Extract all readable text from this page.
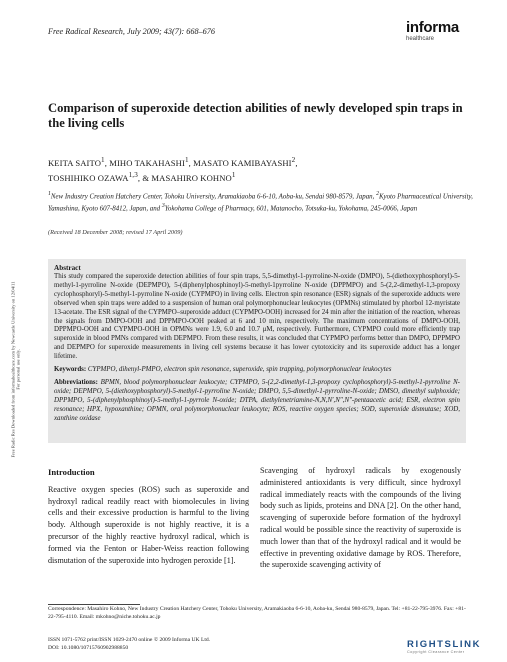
Free Radic Res Downloaded from informahealthcare.com by Newcastle University on 12/04/11 For personal use only.
Free Radical Research, July 2009; 43(7): 668–676	informa
healthcare
Comparison of superoxide detection abilities of newly developed spin traps in the living cells
KEITA SAITO$^1$, MIHO TAKAHASHI$^1$, MASATO KAMIBAYASHI$^2$,
TOSHIHIKO OZAWA$^{1,3}$, & MASAHIRO KOHNO$^1$
$^1$New Industry Creation Hatchery Center, Tohoku University, Aramakiaoba 6-6-10, Aoba-ku, Sendai 980-8579, Japan, $^2$Kyoto Pharmaceutical University, Yamashina, Kyoto 607-8412, Japan, and $^3$Yokohama College of Pharmacy, 601, Matanocho, Totsuka-ku, Yokohama, 245-0066, Japan
(Received 18 December 2008; revised 17 April 2009)
Abstract
This study compared the superoxide detection abilities of four spin traps, 5,5-dimethyl-1-pyrroline-N-oxide (DMPO), 5-(diethoxyphosphoryl)-5-methyl-1-pyrroline N-oxide (DEPMPO), 5-(diphenylphosphinoyl)-5-methyl-1pyrroline N-oxide (DPPMPO) and 5-(2,2-dimethyl-1,3-propoxy cyclophosphoryl)-5-methyl-1-pyrroline N-oxide (CYPMPO) in living cells. Electron spin resonance (ESR) signals of the superoxide adducts were observed when spin traps were added to a suspension of human oral polymorphonuclear leukocytes (OPMNs) stimulated by phorbol 12-myristate 13-acetate. The ESR signal of the CYPMPO–superoxide adduct (CYPMPO-OOH) increased for 24 min after the initiation of the reaction, whereas the signals from DMPO-OOH and DPPMPO-OOH peaked at 6 and 10 min, respectively. The maximum concentrations of DMPO-OOH, DPPMPO-OOH and CYPMPO-OOH in OPMNs were 1.9, 6.0 and 10.7 μM, respectively. Furthermore, CYPMPO could more efficiently trap superoxide in blood PMNs compared with DEPMPO. From these results, it was concluded that CYPMPO performs better than DMPO, DPPMPO and DEPMPO for superoxide measurements in living cell systems because it has lower cytotoxicity and its superoxide adduct has a longer lifetime.
Keywords: CYPMPO, dihenyl-PMPO, electron spin resonance, superoxide, spin trapping, polymorphonuclear leukocytes
Abbreviations: BPMN, blood polymorphonuclear leukocyte; CYPMPO, 5-(2,2-dimethyl-1,3-propoxy cyclophosphoryl)-5-methyl-1-pyrroline N-oxide; DEPMPO, 5-(diethoxyphosphoryl)-5-methyl-1-pyrroline N-oxide; DMPO, 5,5-dimethyl-1-pyrroline-N-oxide; DMSO, dimethyl sulphoxide; DPPMPO, 5-(diphenylphosphinoyl)-5-methyl-1-pyrrole N-oxide; DTPA, diethylenetriamine-N,N,N′,N″,N″-pentaacetic acid; ESR, electron spin resonance; HPX, hypoxanthine; OPMN, oral polymorphonuclear leukocyte; ROS, reactive oxygen species; SOD, superoxide dismutase; XOD, xanthine oxidase
Introduction
Reactive oxygen species (ROS) such as superoxide and hydroxyl radical readily react with biomolecules in living cells and their excessive production is harmful to the living body. Although superoxide is not highly reactive, it is a precursor of the highly reactive hydroxyl radical, which is formed via the Fenton or Haber-Weiss reaction following dismutation of the superoxide into hydrogen peroxide [1].
Scavenging of hydroxyl radicals by exogenously administered antioxidants is very difficult, since hydroxyl radical immediately reacts with the compounds of the living body such as lipids, proteins and DNA [2]. On the other hand, scavenging of superoxide before formation of the hydroxyl radical would be possible since the reactivity of superoxide is much lower than that of the hydroxyl radical and it would be effective in preventing oxidative damage by ROS. Therefore, the superoxide scavenging activity of
Correspondence: Masahiro Kohno, New Industry Creation Hatchery Center, Tohoku University, Aramakiaoba 6-6-10, Aoba-ku, Sendai 980-8579, Japan. Tel: +81-22-795-3976. Fax: +81-22-795-4110. Email: mkohno@niche.tohoku.ac.jp
ISSN 1071-5762 print/ISSN 1029-2470 online © 2009 Informa UK Ltd.
DOI: 10.1080/10715760902988850	RIGHTSLINK
Copyright Clearance Center
